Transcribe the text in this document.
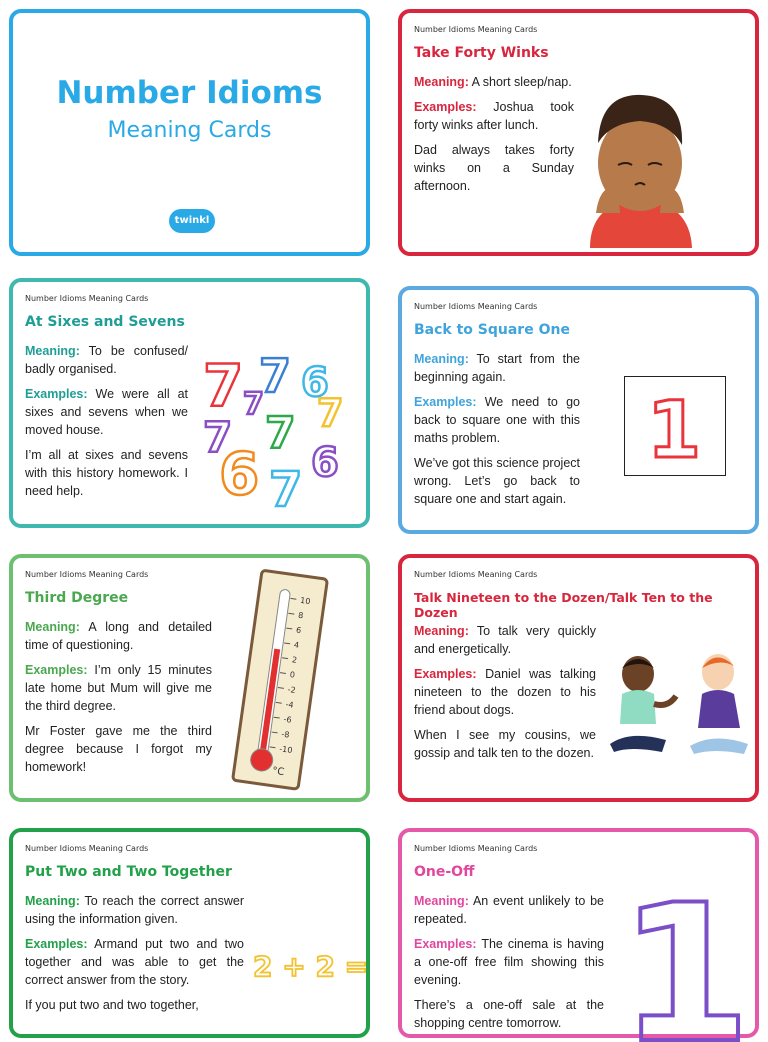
Number Idioms
Meaning Cards
twinkl
Number Idioms Meaning Cards
Take Forty Winks

Meaning: A short sleep/nap.

Examples: Joshua took forty winks after lunch.

Dad always takes forty winks on a Sunday afternoon.

Number Idioms Meaning Cards
At Sixes and Sevens

Meaning: To be confused/ badly organised.

Examples: We were all at sixes and sevens when we moved house.

I’m all at sixes and sevens with this history homework. I need help.

7 7
7 6
7
7 7
6 7 6
Number Idioms Meaning Cards
Back to Square One

Meaning: To start from the beginning again.

Examples: We need to go back to square one with this maths problem.

We’ve got this science project wrong. Let’s go back to square one and start again.

1
Number Idioms Meaning Cards
Third Degree

Meaning: A long and detailed time of questioning.

Examples: I’m only 15 minutes late home but Mum will give me the third degree.

Mr Foster gave me the third degree because I forgot my homework!

10
8
6
4
2
0
-2
-4
-6
-8
-10
°C
Number Idioms Meaning Cards
Talk Nineteen to the Dozen/Talk Ten to the Dozen

Meaning: To talk very quickly and energetically.

Examples: Daniel was talking nineteen to the dozen to his friend about dogs.

When I see my cousins, we gossip and talk ten to the dozen.

Number Idioms Meaning Cards
Put Two and Two Together

Meaning: To reach the correct answer using the information given.

Examples: Armand put two and two together and was able to get the correct answer from the story.

If you put two and two together,

2 + 2 =
Number Idioms Meaning Cards
One-Off

Meaning: An event unlikely to be repeated.

Examples: The cinema is having a one-off free film showing this evening.

There’s a one-off sale at the shopping centre tomorrow. 1
